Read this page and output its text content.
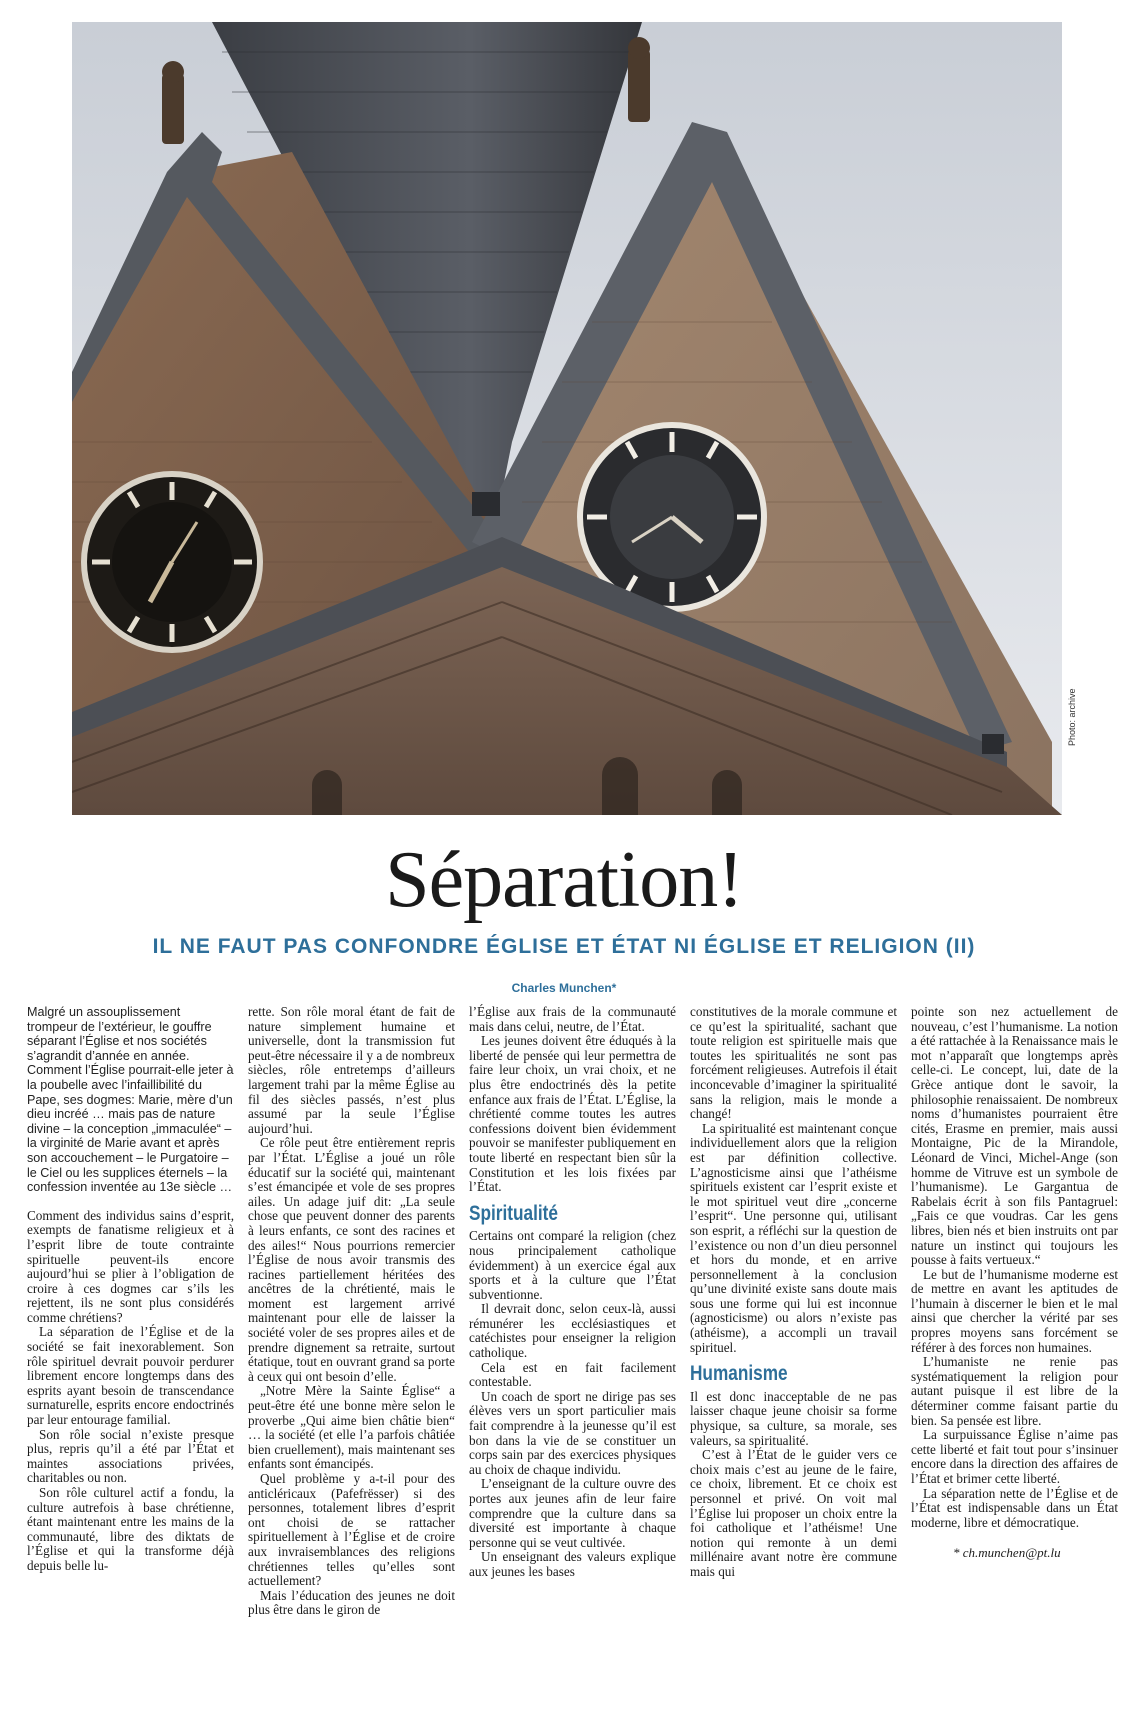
Photo: archive
Séparation!
IL NE FAUT PAS CONFONDRE ÉGLISE ET ÉTAT NI ÉGLISE ET RELIGION (II)
Charles Munchen*

Malgré un assouplissement trompeur de l’extérieur, le gouffre séparant l’Église et nos sociétés s’agrandit d’année en année. Comment l’Église pourrait-elle jeter à la poubelle avec l’infaillibilité du Pape, ses dogmes: Marie, mère d’un dieu incréé … mais pas de nature divine – la conception „immaculée“ – la virginité de Marie avant et après son accouchement – le Purgatoire – le Ciel ou les supplices éternels – la confession inventée au 13e siècle …

Comment des individus sains d’esprit, exempts de fanatisme religieux et à l’esprit libre de toute contrainte spirituelle peuvent-ils encore aujourd’hui se plier à l’obligation de croire à ces dogmes car s’ils les rejettent, ils ne sont plus considérés comme chrétiens?

La séparation de l’Église et de la société se fait inexorablement. Son rôle spirituel devrait pouvoir perdurer librement encore longtemps dans des esprits ayant besoin de transcendance surnaturelle, esprits encore endoctrinés par leur entourage familial.

Son rôle social n’existe presque plus, repris qu’il a été par l’État et maintes associations privées, charitables ou non.

Son rôle culturel actif a fondu, la culture autrefois à base chrétienne, étant maintenant entre les mains de la communauté, libre des diktats de l’Église et qui la transforme déjà depuis belle lu-

rette. Son rôle moral étant de fait de nature simplement humaine et universelle, dont la transmission fut peut-être nécessaire il y a de nombreux siècles, rôle entretemps d’ailleurs largement trahi par la même Église au fil des siècles passés, n’est plus assumé par la seule l’Église aujourd’hui.

Ce rôle peut être entièrement repris par l’État. L’Église a joué un rôle éducatif sur la société qui, maintenant s’est émancipée et vole de ses propres ailes. Un adage juif dit: „La seule chose que peuvent donner des parents à leurs enfants, ce sont des racines et des ailes!“ Nous pourrions remercier l’Église de nous avoir transmis des racines partiellement héritées des ancêtres de la chrétienté, mais le moment est largement arrivé maintenant pour elle de laisser la société voler de ses propres ailes et de prendre dignement sa retraite, surtout étatique, tout en ouvrant grand sa porte à ceux qui ont besoin d’elle.

„Notre Mère la Sainte Église“ a peut-être été une bonne mère selon le proverbe „Qui aime bien châtie bien“ … la société (et elle l’a parfois châtiée bien cruellement), mais maintenant ses enfants sont émancipés.

Quel problème y a-t-il pour des anticléricaux (Pafefrësser) si des personnes, totalement libres d’esprit ont choisi de se rattacher spirituellement à l’Église et de croire aux invraisemblances des religions chrétiennes telles qu’elles sont actuellement?

Mais l’éducation des jeunes ne doit plus être dans le giron de

l’Église aux frais de la communauté mais dans celui, neutre, de l’État.

Les jeunes doivent être éduqués à la liberté de pensée qui leur permettra de faire leur choix, un vrai choix, et ne plus être endoctrinés dès la petite enfance aux frais de l’État. L’Église, la chrétienté comme toutes les autres confessions doivent bien évidemment pouvoir se manifester publiquement en toute liberté en respectant bien sûr la Constitution et les lois fixées par l’État.

Spiritualité

Certains ont comparé la religion (chez nous principalement catholique évidemment) à un exercice égal aux sports et à la culture que l’État subventionne.

Il devrait donc, selon ceux-là, aussi rémunérer les ecclésiastiques et catéchistes pour enseigner la religion catholique.

Cela est en fait facilement contestable.

Un coach de sport ne dirige pas ses élèves vers un sport particulier mais fait comprendre à la jeunesse qu’il est bon dans la vie de se constituer un corps sain par des exercices physiques au choix de chaque individu.

L’enseignant de la culture ouvre des portes aux jeunes afin de leur faire comprendre que la culture dans sa diversité est importante à chaque personne qui se veut cultivée.

Un enseignant des valeurs explique aux jeunes les bases

constitutives de la morale commune et ce qu’est la spiritualité, sachant que toute religion est spirituelle mais que toutes les spiritualités ne sont pas forcément religieuses. Autrefois il était inconcevable d’imaginer la spiritualité sans la religion, mais le monde a changé!

La spiritualité est maintenant conçue individuellement alors que la religion est par définition collective. L’agnosticisme ainsi que l’athéisme spirituels existent car l’esprit existe et le mot spirituel veut dire „concerne l’esprit“. Une personne qui, utilisant son esprit, a réfléchi sur la question de l’existence ou non d’un dieu personnel et hors du monde, et en arrive personnellement à la conclusion qu’une divinité existe sans doute mais sous une forme qui lui est inconnue (agnosticisme) ou alors n’existe pas (athéisme), a accompli un travail spirituel.

Humanisme

Il est donc inacceptable de ne pas laisser chaque jeune choisir sa forme physique, sa culture, sa morale, ses valeurs, sa spiritualité.

C’est à l’État de le guider vers ce choix mais c’est au jeune de le faire, ce choix, librement. Et ce choix est personnel et privé. On voit mal l’Église lui proposer un choix entre la foi catholique et l’athéisme! Une notion qui remonte à un demi millénaire avant notre ère commune mais qui

pointe son nez actuellement de nouveau, c’est l’humanisme. La notion a été rattachée à la Renaissance mais le mot n’apparaît que longtemps après celle-ci. Le concept, lui, date de la Grèce antique dont le savoir, la philosophie renaissaient. De nombreux noms d’humanistes pourraient être cités, Erasme en premier, mais aussi Montaigne, Pic de la Mirandole, Léonard de Vinci, Michel-Ange (son homme de Vitruve est un symbole de l’humanisme). Le Gargantua de Rabelais écrit à son fils Pantagruel: „Fais ce que voudras. Car les gens libres, bien nés et bien instruits ont par nature un instinct qui toujours les pousse à faits vertueux.“

Le but de l’humanisme moderne est de mettre en avant les aptitudes de l’humain à discerner le bien et le mal ainsi que chercher la vérité par ses propres moyens sans forcément se référer à des forces non humaines.

L’humaniste ne renie pas systématiquement la religion pour autant puisque il est libre de la déterminer comme faisant partie du bien. Sa pensée est libre.

La surpuissance Église n’aime pas cette liberté et fait tout pour s’insinuer encore dans la direction des affaires de l’État et brimer cette liberté.

La séparation nette de l’Église et de l’État est indispensable dans un État moderne, libre et démocratique.

* ch.munchen@pt.lu
